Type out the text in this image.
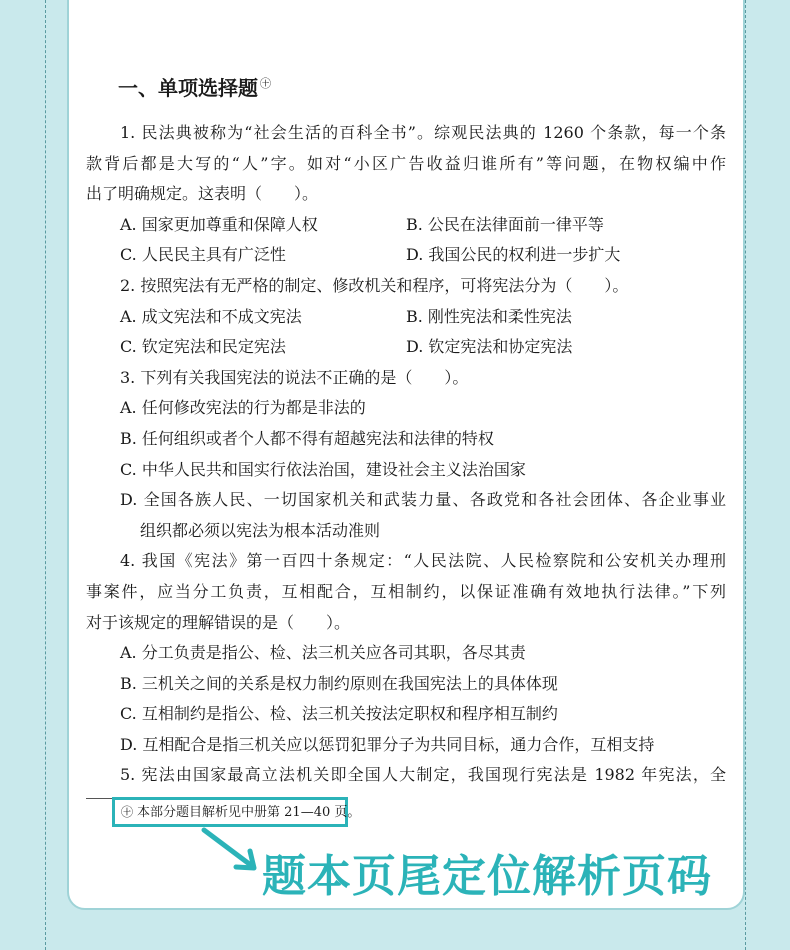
一、单项选择题 $^㊉$
1. 民法典被称为“社会生活的百科全书”。综观民法典的 1260 个条款，每一个条
款背后都是大写的“人”字。如对“小区广告收益归谁所有”等问题，在物权编中作
出了明确规定。这表明（　　）。
A. 国家更加尊重和保障人权	B. 公民在法律面前一律平等
C. 人民民主具有广泛性	D. 我国公民的权利进一步扩大
2. 按照宪法有无严格的制定、修改机关和程序，可将宪法分为（　　）。
A. 成文宪法和不成文宪法	B. 刚性宪法和柔性宪法
C. 钦定宪法和民定宪法	D. 钦定宪法和协定宪法
3. 下列有关我国宪法的说法不正确的是（　　）。
A. 任何修改宪法的行为都是非法的
B. 任何组织或者个人都不得有超越宪法和法律的特权
C. 中华人民共和国实行依法治国，建设社会主义法治国家
D. 全国各族人民、一切国家机关和武装力量、各政党和各社会团体、各企业事业
组织都必须以宪法为根本活动准则
4. 我国《宪法》第一百四十条规定：“人民法院、人民检察院和公安机关办理刑
事案件，应当分工负责，互相配合，互相制约，以保证准确有效地执行法律。”下列
对于该规定的理解错误的是（　　）。
A. 分工负责是指公、检、法三机关应各司其职，各尽其责
B. 三机关之间的关系是权力制约原则在我国宪法上的具体体现
C. 互相制约是指公、检、法三机关按法定职权和程序相互制约
D. 互相配合是指三机关应以惩罚犯罪分子为共同目标，通力合作，互相支持
5. 宪法由国家最高立法机关即全国人大制定，我国现行宪法是 1982 年宪法，全
㊉ 本部分题目解析见中册第 21—40 页。
题本页尾定位解析页码
